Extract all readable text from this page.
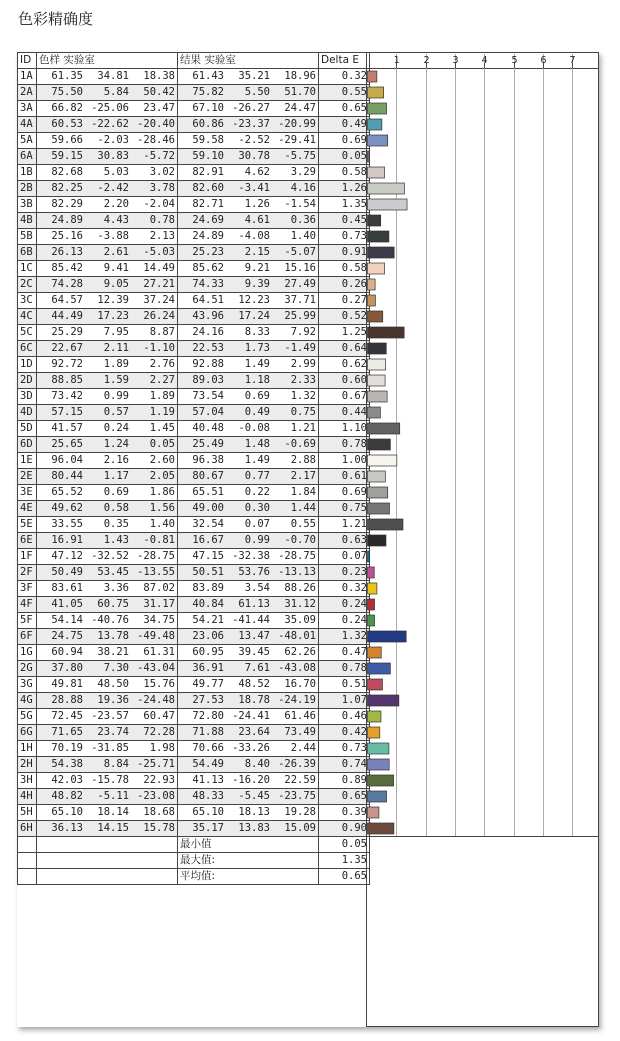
色彩精确度
ID	色样 实验室	结果 实验室	Delta E
1A	61.35 34.81 18.38	61.43 35.21 18.96	0.32
2A	75.50 5.84 50.42	75.82 5.50 51.70	0.55
3A	66.82 -25.06 23.47	67.10 -26.27 24.47	0.65
4A	60.53 -22.62 -20.40	60.86 -23.37 -20.99	0.49
5A	59.66 -2.03 -28.46	59.58 -2.52 -29.41	0.69
6A	59.15 30.83 -5.72	59.10 30.78 -5.75	0.05
1B	82.68 5.03 3.02	82.91 4.62 3.29	0.58
2B	82.25 -2.42 3.78	82.60 -3.41 4.16	1.26
3B	82.29 2.20 -2.04	82.71 1.26 -1.54	1.35
4B	24.89 4.43 0.78	24.69 4.61 0.36	0.45
5B	25.16 -3.88 2.13	24.89 -4.08 1.40	0.73
6B	26.13 2.61 -5.03	25.23 2.15 -5.07	0.91
1C	85.42 9.41 14.49	85.62 9.21 15.16	0.58
2C	74.28 9.05 27.21	74.33 9.39 27.49	0.26
3C	64.57 12.39 37.24	64.51 12.23 37.71	0.27
4C	44.49 17.23 26.24	43.96 17.24 25.99	0.52
5C	25.29 7.95 8.87	24.16 8.33 7.92	1.25
6C	22.67 2.11 -1.10	22.53 1.73 -1.49	0.64
1D	92.72 1.89 2.76	92.88 1.49 2.99	0.62
2D	88.85 1.59 2.27	89.03 1.18 2.33	0.60
3D	73.42 0.99 1.89	73.54 0.69 1.32	0.67
4D	57.15 0.57 1.19	57.04 0.49 0.75	0.44
5D	41.57 0.24 1.45	40.48 -0.08 1.21	1.10
6D	25.65 1.24 0.05	25.49 1.48 -0.69	0.78
1E	96.04 2.16 2.60	96.38 1.49 2.88	1.00
2E	80.44 1.17 2.05	80.67 0.77 2.17	0.61
3E	65.52 0.69 1.86	65.51 0.22 1.84	0.69
4E	49.62 0.58 1.56	49.00 0.30 1.44	0.75
5E	33.55 0.35 1.40	32.54 0.07 0.55	1.21
6E	16.91 1.43 -0.81	16.67 0.99 -0.70	0.63
1F	47.12 -32.52 -28.75	47.15 -32.38 -28.75	0.07
2F	50.49 53.45 -13.55	50.51 53.76 -13.13	0.23
3F	83.61 3.36 87.02	83.89 3.54 88.26	0.32
4F	41.05 60.75 31.17	40.84 61.13 31.12	0.24
5F	54.14 -40.76 34.75	54.21 -41.44 35.09	0.24
6F	24.75 13.78 -49.48	23.06 13.47 -48.01	1.32
1G	60.94 38.21 61.31	60.95 39.45 62.26	0.47
2G	37.80 7.30 -43.04	36.91 7.61 -43.08	0.78
3G	49.81 48.50 15.76	49.77 48.52 16.70	0.51
4G	28.88 19.36 -24.48	27.53 18.78 -24.19	1.07
5G	72.45 -23.57 60.47	72.80 -24.41 61.46	0.46
6G	71.65 23.74 72.28	71.88 23.64 73.49	0.42
1H	70.19 -31.85 1.98	70.66 -33.26 2.44	0.73
2H	54.38 8.84 -25.71	54.49 8.40 -26.39	0.74
3H	42.03 -15.78 22.93	41.13 -16.20 22.59	0.89
4H	48.82 -5.11 -23.08	48.33 -5.45 -23.75	0.65
5H	65.10 18.14 18.68	65.10 18.13 19.28	0.39
6H	36.13 14.15 15.78	35.17 13.83 15.09	0.90
		最小值	0.05
		最大值:	1.35
		平均值:	0.65
1 2 3 4 5 6 7
